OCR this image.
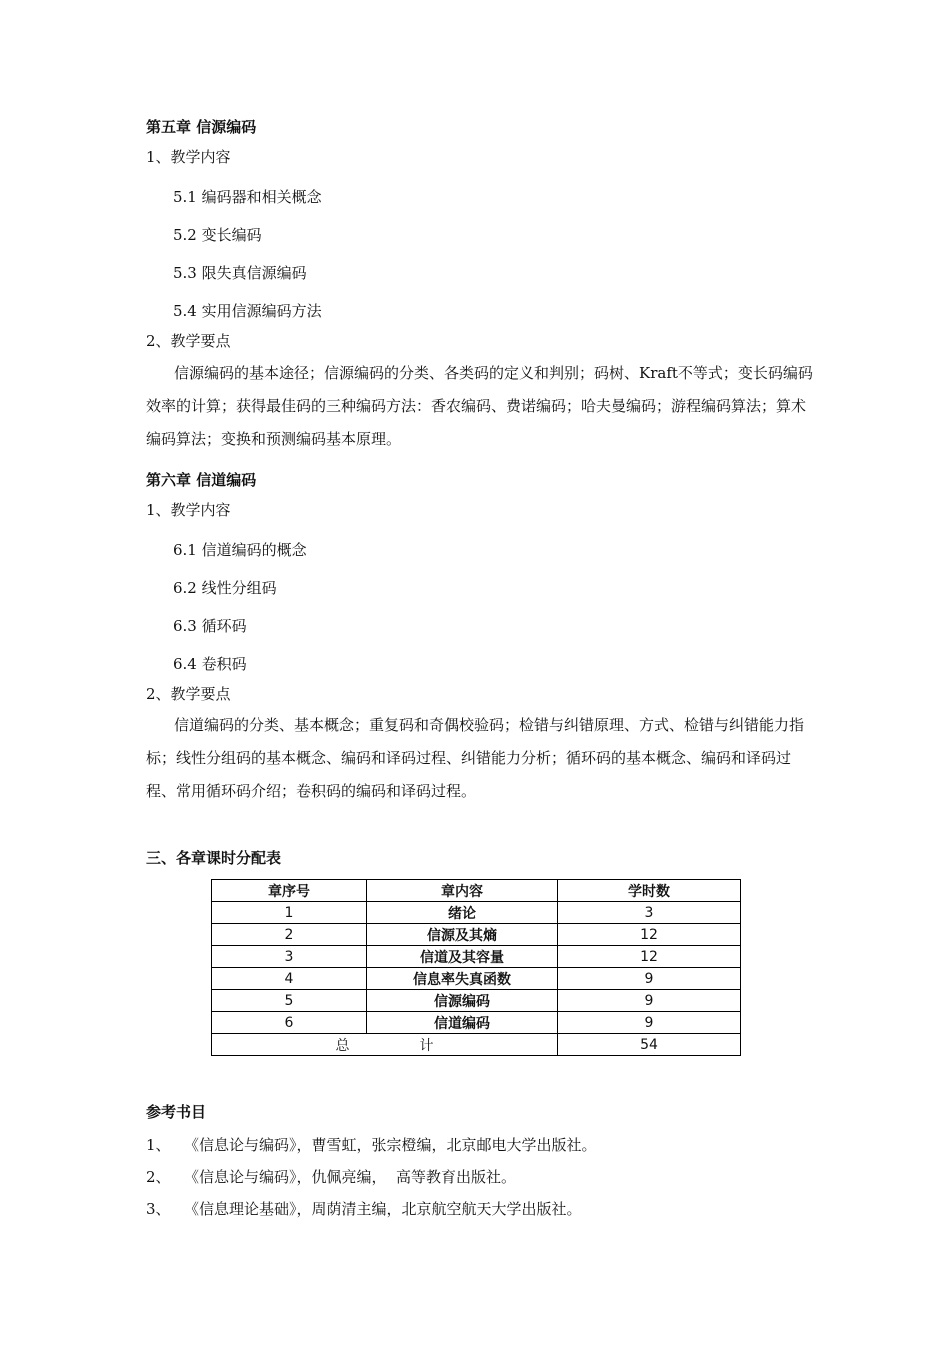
第五章 信源编码
1、教学内容
5.1 编码器和相关概念
5.2 变长编码
5.3 限失真信源编码
5.4 实用信源编码方法
2、教学要点
信源编码的基本途径；信源编码的分类、各类码的定义和判别；码树、Kraft不等式；变长码编码效率的计算；获得最佳码的三种编码方法：香农编码、费诺编码；哈夫曼编码；游程编码算法；算术编码算法；变换和预测编码基本原理。
第六章 信道编码
1、教学内容
6.1 信道编码的概念
6.2 线性分组码
6.3 循环码
6.4 卷积码
2、教学要点
信道编码的分类、基本概念；重复码和奇偶校验码；检错与纠错原理、方式、检错与纠错能力指标；线性分组码的基本概念、编码和译码过程、纠错能力分析；循环码的基本概念、编码和译码过程、常用循环码介绍；卷积码的编码和译码过程。
三、各章课时分配表
章序号	章内容	学时数
1	绪论	3
2	信源及其熵	12
3	信道及其容量	12
4	信息率失真函数	9
5	信源编码	9
6	信道编码	9
总 计		54
参考书目
1、 《信息论与编码》，曹雪虹，张宗橙编，北京邮电大学出版社。
2、 《信息论与编码》，仇佩亮编，  高等教育出版社。
3、 《信息理论基础》，周荫清主编，北京航空航天大学出版社。
